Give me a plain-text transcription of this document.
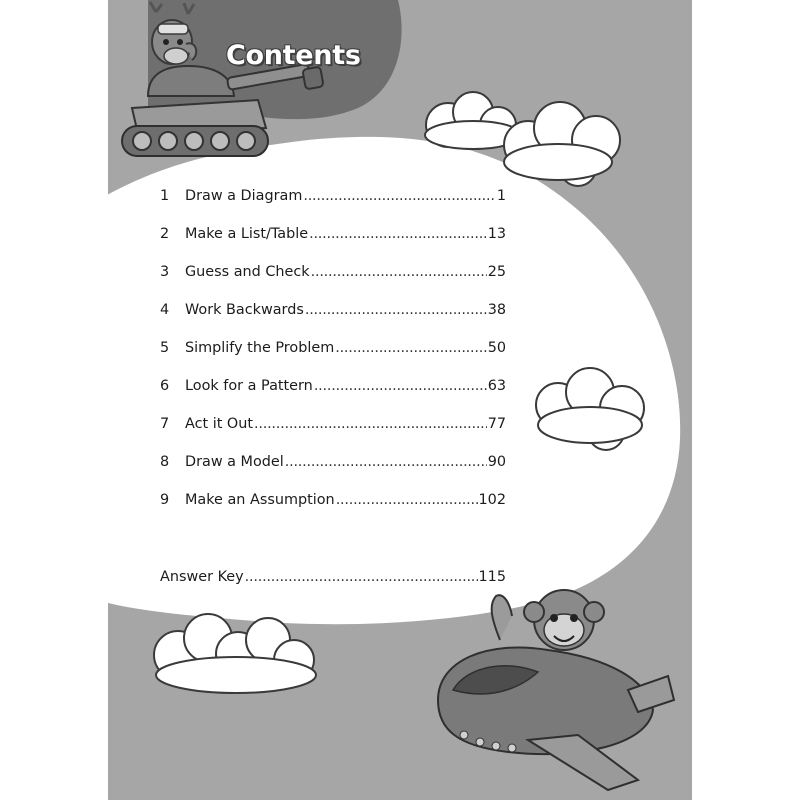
Contents
1	Draw a Diagram . . .	1
2	Make a List/Table . . .	13
3	Guess and Check . . .	25
4	Work Backwards . . .	38
5	Simplify the Problem . . .	50
6	Look for a Pattern . . .	63
7	Act it Out . . .	77
8	Draw a Model . . .	90
9	Make an Assumption . . .	102
Answer Key . . .	115
